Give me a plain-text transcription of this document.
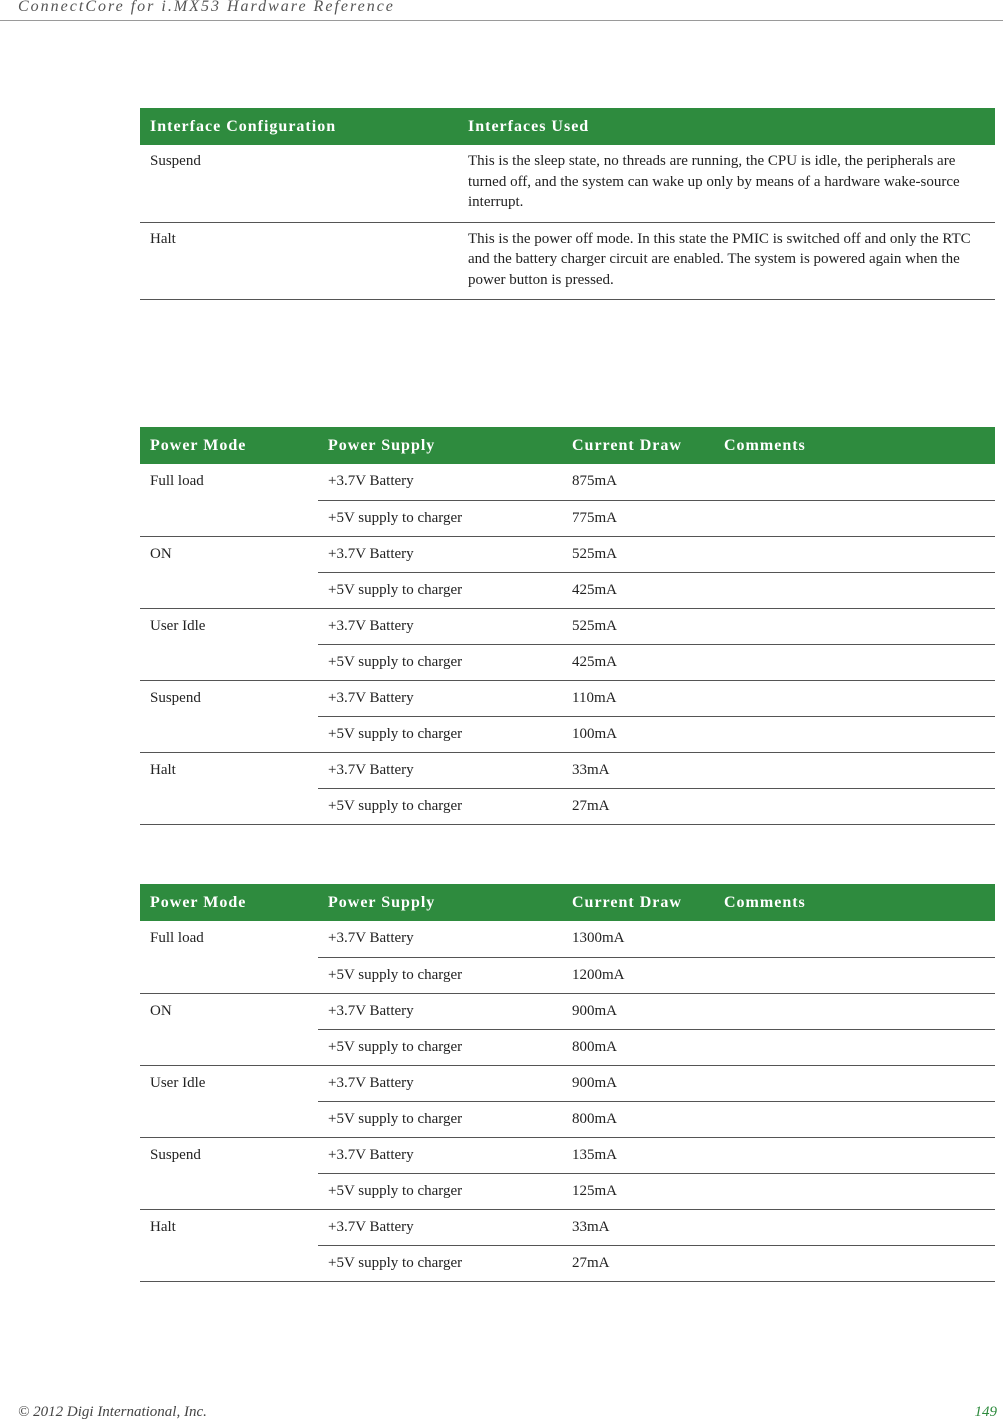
ConnectCore for i.MX53 Hardware Reference
Interface Configuration	Interfaces Used
Suspend	This is the sleep state, no threads are running, the CPU is idle, the peripherals are turned off, and the system can wake up only by means of a hardware wake-source interrupt.
Halt	This is the power off mode. In this state the PMIC is switched off and only the RTC and the battery charger circuit are enabled. The system is powered again when the power button is pressed.
Power Mode	Power Supply	Current Draw	Comments
Full load	+3.7V Battery	875mA	
	+5V supply to charger	775mA	
ON	+3.7V Battery	525mA	
	+5V supply to charger	425mA	
User Idle	+3.7V Battery	525mA	
	+5V supply to charger	425mA	
Suspend	+3.7V Battery	110mA	
	+5V supply to charger	100mA	
Halt	+3.7V Battery	33mA	
	+5V supply to charger	27mA	
Power Mode	Power Supply	Current Draw	Comments
Full load	+3.7V Battery	1300mA	
	+5V supply to charger	1200mA	
ON	+3.7V Battery	900mA	
	+5V supply to charger	800mA	
User Idle	+3.7V Battery	900mA	
	+5V supply to charger	800mA	
Suspend	+3.7V Battery	135mA	
	+5V supply to charger	125mA	
Halt	+3.7V Battery	33mA	
	+5V supply to charger	27mA	
© 2012 Digi International, Inc.	149
